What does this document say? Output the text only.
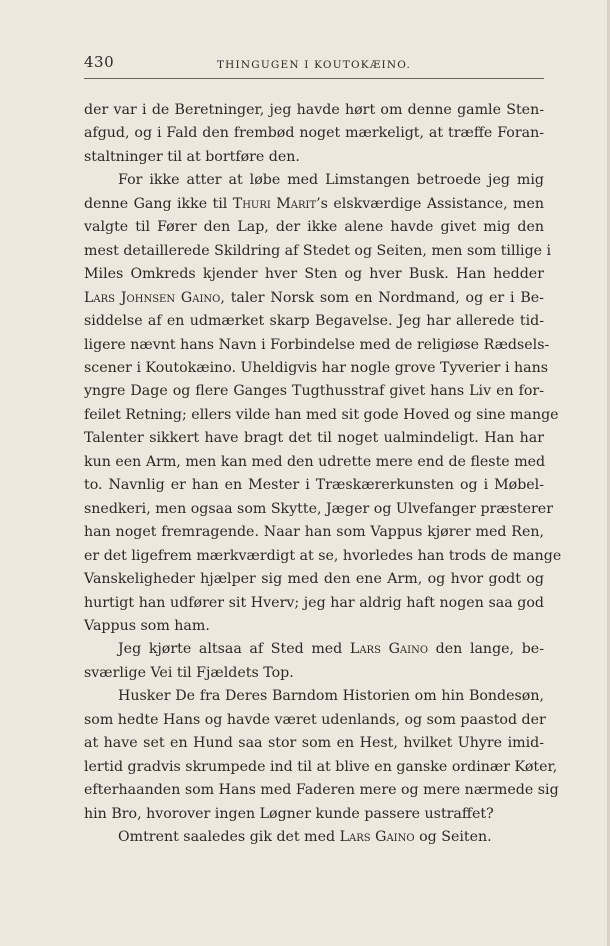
430	THINGUGEN I KOUTOKÆINO.
der var i de Beretninger, jeg havde hørt om denne gamle Sten-
afgud, og i Fald den frembød noget mærkeligt, at træffe Foran-
staltninger til at bortføre den.
For ikke atter at løbe med Limstangen betroede jeg mig
denne Gang ikke til Thuri Marit’s elskværdige Assistance, men
valgte til Fører den Lap, der ikke alene havde givet mig den
mest detaillerede Skildring af Stedet og Seiten, men som tillige i
Miles Omkreds kjender hver Sten og hver Busk. Han hedder
Lars Johnsen Gaino, taler Norsk som en Nordmand, og er i Be-
siddelse af en udmærket skarp Begavelse. Jeg har allerede tid-
ligere nævnt hans Navn i Forbindelse med de religiøse Rædsels-
scener i Koutokæino. Uheldigvis har nogle grove Tyverier i hans
yngre Dage og flere Ganges Tugthusstraf givet hans Liv en for-
feilet Retning; ellers vilde han med sit gode Hoved og sine mange
Talenter sikkert have bragt det til noget ualmindeligt. Han har
kun een Arm, men kan med den udrette mere end de fleste med
to. Navnlig er han en Mester i Træskærerkunsten og i Møbel-
snedkeri, men ogsaa som Skytte, Jæger og Ulvefanger præsterer
han noget fremragende. Naar han som Vappus kjører med Ren,
er det ligefrem mærkværdigt at se, hvorledes han trods de mange
Vanskeligheder hjælper sig med den ene Arm, og hvor godt og
hurtigt han udfører sit Hverv; jeg har aldrig haft nogen saa god
Vappus som ham.
Jeg kjørte altsaa af Sted med Lars Gaino den lange, be-
sværlige Vei til Fjældets Top.
Husker De fra Deres Barndom Historien om hin Bondesøn,
som hedte Hans og havde været udenlands, og som paastod der
at have set en Hund saa stor som en Hest, hvilket Uhyre imid-
lertid gradvis skrumpede ind til at blive en ganske ordinær Køter,
efterhaanden som Hans med Faderen mere og mere nærmede sig
hin Bro, hvorover ingen Løgner kunde passere ustraffet?
Omtrent saaledes gik det med Lars Gaino og Seiten.
